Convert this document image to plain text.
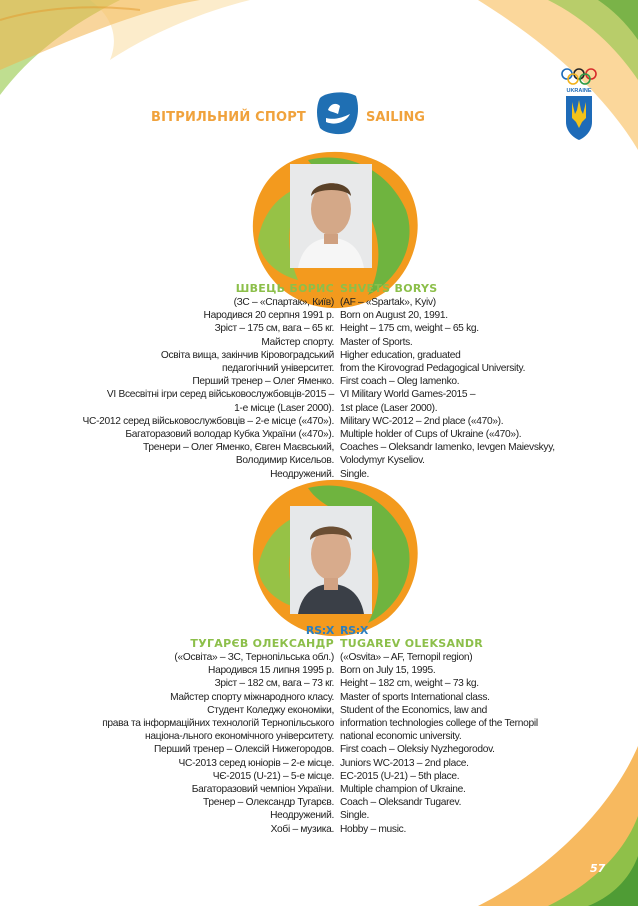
ВІТРИЛЬНИЙ СПОРТ	SAILING
UKRAINE
ШВЕЦЬ БОРИС
(ЗС – «Спартак», Київ)
Народився 20 серпня 1991 р.
Зріст – 175 см, вага – 65 кг.
Майстер спорту.
Освіта вища, закінчив Кіровоградський
педагогічний університет.
Перший тренер – Олег Яменко.
VI Всесвітні ігри серед військовослужбовців-2015 –
1-е місце (Laser 2000).
ЧС-2012 серед військовослужбовців – 2-е місце («470»).
Багаторазовий володар Кубка України («470»).
Тренери – Олег Яменко, Євген Маєвський,
Володимир Кисельов.
Неодружений.
SHVETS BORYS
(AF – «Spartak», Kyiv)
Born on August 20, 1991.
Height – 175 cm, weight – 65 kg.
Master of Sports.
Higher education, graduated
from the Kirovograd Pedagogical University.
First coach – Oleg Iamenko.
VI Military World Games-2015 –
1st place (Laser 2000).
Military WC-2012 – 2nd place («470»).
Multiple holder of Cups of Ukraine («470»).
Coaches – Oleksandr Iamenko, Ievgen Maievskyy,
Volodymyr Kyseliov.
Single.
RS:X
ТУГАРЄВ ОЛЕКСАНДР
(«Освіта» – ЗС, Тернопільська обл.)
Народився 15 липня 1995 р.
Зріст – 182 см, вага – 73 кг.
Майстер спорту міжнародного класу.
Студент Коледжу економіки,
права та інформаційних технологій Тернопільського
націона-льного економічного університету.
Перший тренер – Олексій Нижегородов.
ЧС-2013 серед юніорів – 2-е місце.
ЧЄ-2015 (U-21) – 5-е місце.
Багаторазовий чемпіон України.
Тренер – Олександр Тугарєв.
Неодружений.
Хобі – музика.
RS:X
TUGAREV OLEKSANDR
(«Osvita» – AF, Ternopil region)
Born on July 15, 1995.
Height – 182 cm, weight – 73 kg.
Master of sports International class.
Student of the Economics, law and
information technologies college of the Ternopil
national economic university.
First coach – Oleksiy Nyzhegorodov.
Juniors WC-2013 – 2nd place.
EC-2015 (U-21) – 5th place.
Multiple champion of Ukraine.
Coach – Oleksandr Tugarev.
Single.
Hobby – music.
57
